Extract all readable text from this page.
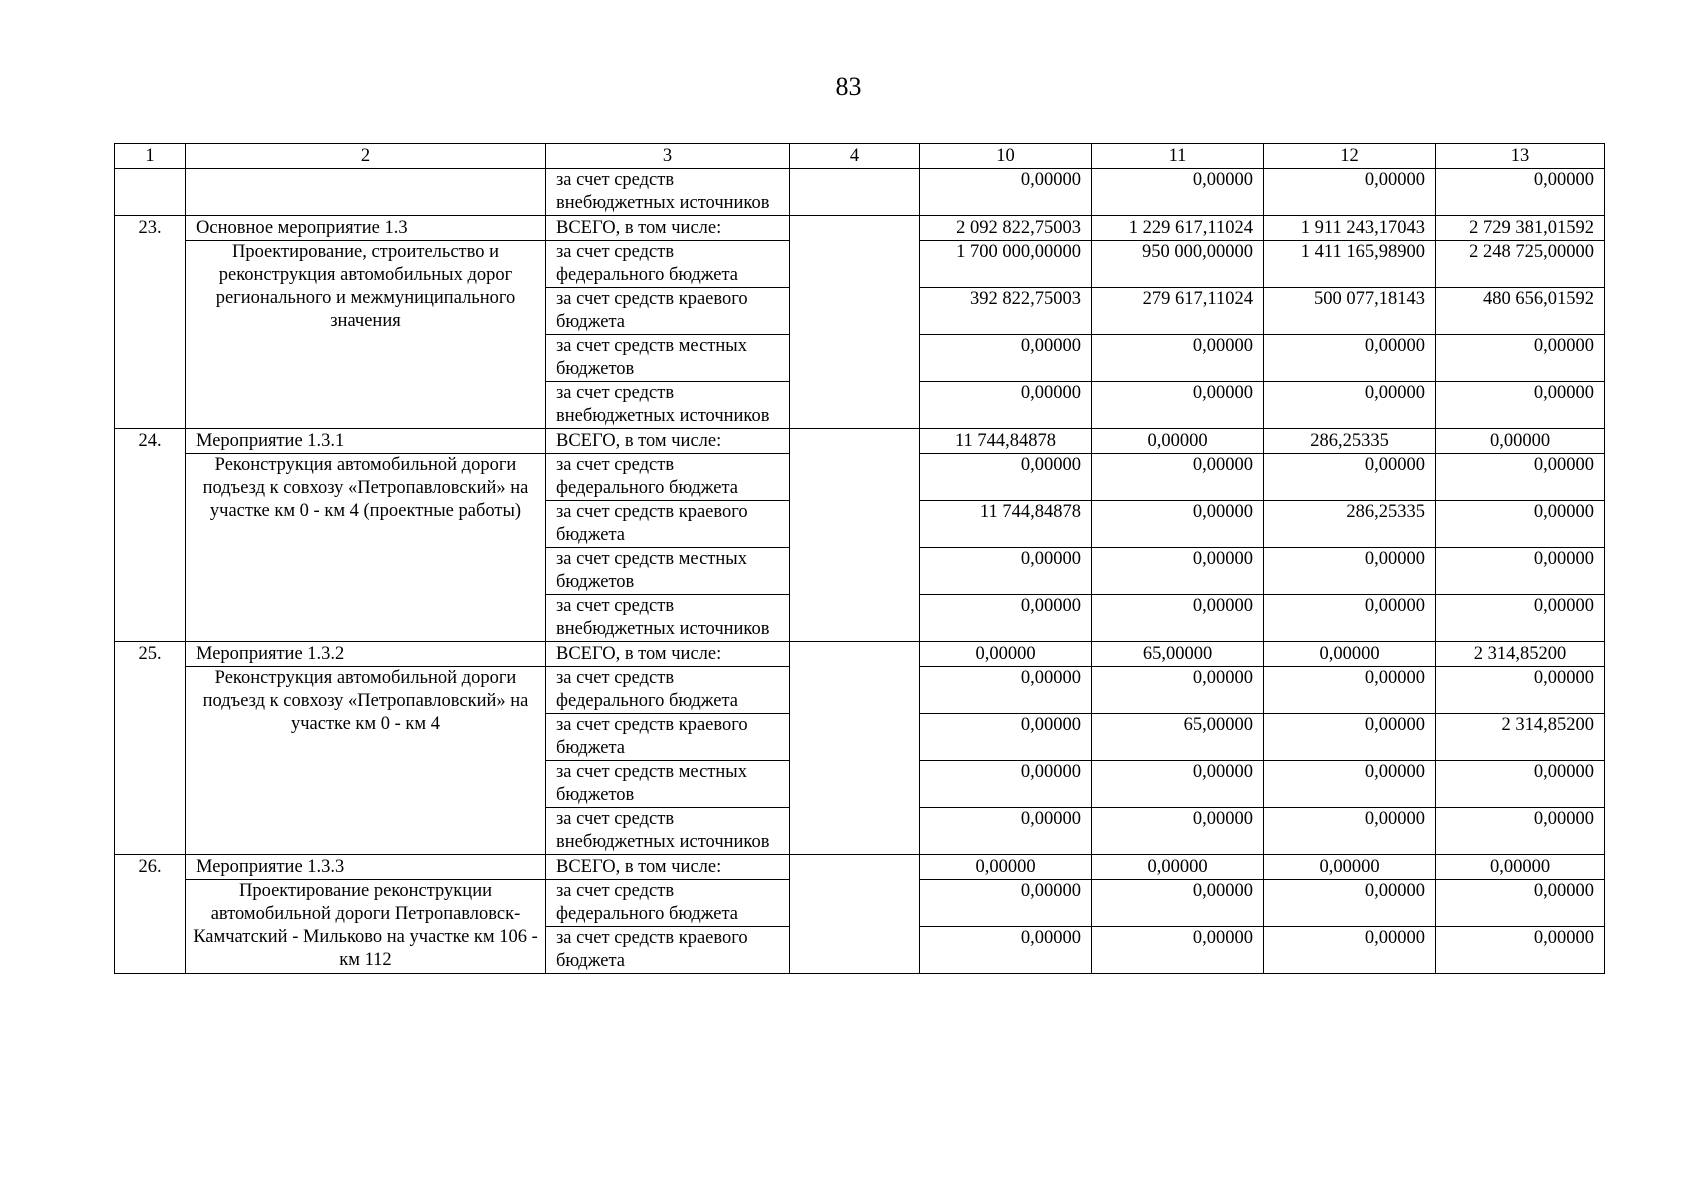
83
1	2	3	4	10	11	12	13
		за счет средств внебюджетных источников		0,00000	0,00000	0,00000	0,00000
23.	Основное мероприятие 1.3	ВСЕГО, в том числе:		2 092 822,75003	1 229 617,11024	1 911 243,17043	2 729 381,01592
	Проектирование, строительство и реконструкция автомобильных дорог регионального и межмуниципального значения	за счет средств федерального бюджета		1 700 000,00000	950 000,00000	1 411 165,98900	2 248 725,00000
		за счет средств краевого бюджета		392 822,75003	279 617,11024	500 077,18143	480 656,01592
		за счет средств местных бюджетов		0,00000	0,00000	0,00000	0,00000
		за счет средств внебюджетных источников		0,00000	0,00000	0,00000	0,00000
24.	Мероприятие 1.3.1	ВСЕГО, в том числе:		11 744,84878	0,00000	286,25335	0,00000
	Реконструкция автомобильной дороги подъезд к совхозу «Петропавловский» на участке км 0 - км 4 (проектные работы)	за счет средств федерального бюджета		0,00000	0,00000	0,00000	0,00000
		за счет средств краевого бюджета		11 744,84878	0,00000	286,25335	0,00000
		за счет средств местных бюджетов		0,00000	0,00000	0,00000	0,00000
		за счет средств внебюджетных источников		0,00000	0,00000	0,00000	0,00000
25.	Мероприятие 1.3.2	ВСЕГО, в том числе:		0,00000	65,00000	0,00000	2 314,85200
	Реконструкция автомобильной дороги подъезд к совхозу «Петропавловский» на участке км 0 - км 4	за счет средств федерального бюджета		0,00000	0,00000	0,00000	0,00000
		за счет средств краевого бюджета		0,00000	65,00000	0,00000	2 314,85200
		за счет средств местных бюджетов		0,00000	0,00000	0,00000	0,00000
		за счет средств внебюджетных источников		0,00000	0,00000	0,00000	0,00000
26.	Мероприятие 1.3.3	ВСЕГО, в том числе:		0,00000	0,00000	0,00000	0,00000
	Проектирование реконструкции автомобильной дороги Петропавловск-Камчатский - Мильково на участке км 106 - км 112	за счет средств федерального бюджета		0,00000	0,00000	0,00000	0,00000
		за счет средств краевого бюджета		0,00000	0,00000	0,00000	0,00000
